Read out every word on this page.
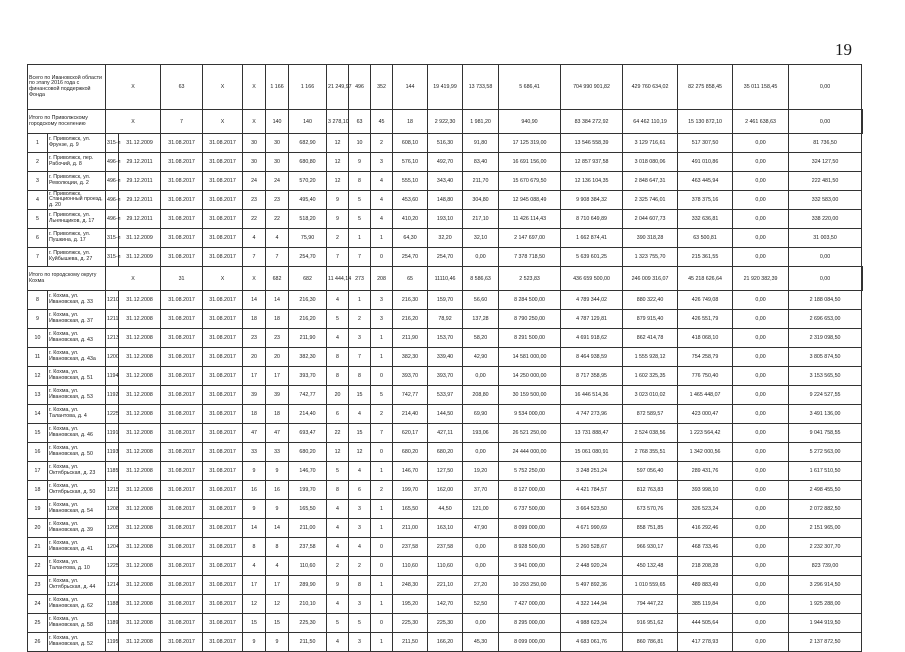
19
Всего по Ивановской области по этапу 2016 года с финансовой поддержкой Фонда		X		63	X	X	1 166	1 166	21 249,97	496	352	144	19 419,99	13 733,58	5 686,41	704 990 901,82	429 760 634,02	82 275 858,45	35 011 158,45	0,00	
Итого по Приволжскому городскому поселению		X		7	X	X	140	140	3 278,10	63	45	18	2 922,30	1 981,20	940,90	83 384 272,92	64 462 110,19	15 130 872,10	2 461 638,63	0,00	
1	г. Приволжск, ул. Фрунзе, д. 9	315-п	31.12.2009	31.08.2017	31.08.2017	30	30	682,90	12	10	2	608,10	516,30	91,80	17 125 319,00	13 546 558,39	3 129 716,61	517 307,50	0,00	81 736,50	
2	г. Приволжск, пер. Рабочий, д. 8	496-п	29.12.2011	31.08.2017	31.08.2017	30	30	680,80	12	9	3	576,10	492,70	83,40	16 691 156,00	12 857 937,58	3 018 080,06	491 010,86	0,00	324 127,50	
3	г. Приволжск, ул. Революции, д. 2	496-п	29.12.2011	31.08.2017	31.08.2017	24	24	570,20	12	8	4	555,10	343,40	211,70	15 670 679,50	12 136 104,35	2 848 647,31	463 445,94	0,00	222 481,50	
4	г. Приволжск, Станционный проезд, д. 20	496-п	29.12.2011	31.08.2017	31.08.2017	23	23	495,40	9	5	4	453,60	148,80	304,80	12 945 088,49	9 908 384,32	2 325 746,01	378 375,16	0,00	332 583,00	
5	г. Приволжск, ул. Льнянщиков, д. 17	496-п	29.12.2011	31.08.2017	31.08.2017	22	22	518,20	9	5	4	410,20	193,10	217,10	11 426 114,43	8 710 649,89	2 044 607,73	332 636,81	0,00	338 220,00	
6	г. Приволжск, ул. Пушкина, д. 17	315-п	31.12.2009	31.08.2017	31.08.2017	4	4	75,90	2	1	1	64,30	32,20	32,10	2 147 697,00	1 662 874,41	390 318,28	63 500,81	0,00	31 003,50	
7	г. Приволжск, ул. Куйбышева, д. 27	315-п	31.12.2009	31.08.2017	31.08.2017	7	7	254,70	7	7	0	254,70	254,70	0,00	7 378 718,50	5 639 601,25	1 323 755,70	215 361,55	0,00	0,00	
Итого по городскому округу Кохма		X		31	X	X	682	682	11 444,14	273	208	65	11110,46	8 586,63	2 523,83	436 659 500,00	246 009 316,07	45 218 626,64	21 920 382,39	0,00	
8	г. Кохма, ул. Ивановская, д. 33	1210	31.12.2008	31.08.2017	31.08.2017	14	14	216,30	4	1	3	216,30	159,70	56,60	8 284 500,00	4 789 344,02	880 322,40	426 749,08	0,00	2 188 084,50	
9	г. Кохма, ул. Ивановская, д. 37	1211	31.12.2008	31.08.2017	31.08.2017	18	18	216,20	5	2	3	216,20	78,92	137,28	8 790 250,00	4 787 129,81	879 915,40	426 551,79	0,00	2 696 653,00	
10	г. Кохма, ул. Ивановская, д. 43	1213	31.12.2008	31.08.2017	31.08.2017	23	23	211,90	4	3	1	211,90	153,70	58,20	8 291 500,00	4 691 918,62	862 414,78	418 068,10	0,00	2 319 098,50	
11	г. Кохма, ул. Ивановская, д. 43а	1200	31.12.2008	31.08.2017	31.08.2017	20	20	382,30	8	7	1	382,30	339,40	42,90	14 581 000,00	8 464 938,59	1 555 928,12	754 258,79	0,00	3 805 874,50	
12	г. Кохма, ул. Ивановская, д. 51	1194	31.12.2008	31.08.2017	31.08.2017	17	17	393,70	8	8	0	393,70	393,70	0,00	14 250 000,00	8 717 358,95	1 602 325,35	776 750,40	0,00	3 153 565,50	
13	г. Кохма, ул. Ивановская, д. 53	1192	31.12.2008	31.08.2017	31.08.2017	39	39	742,77	20	15	5	742,77	533,97	208,80	30 159 500,00	16 446 514,36	3 023 010,02	1 465 448,07	0,00	9 224 527,55	
14	г. Кохма, ул. Талантова, д. 4	1225	31.12.2008	31.08.2017	31.08.2017	18	18	214,40	6	4	2	214,40	144,50	69,90	9 534 000,00	4 747 273,96	872 589,57	423 000,47	0,00	3 491 136,00	
15	г. Кохма, ул. Ивановская, д. 46	1191	31.12.2008	31.08.2017	31.08.2017	47	47	693,47	22	15	7	620,17	427,11	193,06	26 521 250,00	13 731 888,47	2 524 038,56	1 223 564,42	0,00	9 041 758,55	
16	г. Кохма, ул. Ивановская, д. 50	1193	31.12.2008	31.08.2017	31.08.2017	33	33	680,20	12	12	0	680,20	680,20	0,00	24 444 000,00	15 061 080,91	2 768 355,51	1 342 000,56	0,00	5 272 563,00	
17	г. Кохма, ул. Октябрьская, д. 23	1185	31.12.2008	31.08.2017	31.08.2017	9	9	146,70	5	4	1	146,70	127,50	19,20	5 752 250,00	3 248 251,24	597 056,40	289 431,76	0,00	1 617 510,50	
18	г. Кохма, ул. Октябрьская, д. 50	1215	31.12.2008	31.08.2017	31.08.2017	16	16	199,70	8	6	2	199,70	162,00	37,70	8 127 000,00	4 421 784,57	812 763,83	393 998,10	0,00	2 498 455,50	
19	г. Кохма, ул. Ивановская, д. 54	1208	31.12.2008	31.08.2017	31.08.2017	9	9	165,50	4	3	1	165,50	44,50	121,00	6 737 500,00	3 664 523,50	673 570,76	326 523,24	0,00	2 072 882,50	
20	г. Кохма, ул. Ивановская, д. 39	1205	31.12.2008	31.08.2017	31.08.2017	14	14	211,00	4	3	1	211,00	163,10	47,90	8 099 000,00	4 671 990,69	858 751,85	416 292,46	0,00	2 151 965,00	
21	г. Кохма, ул. Ивановская, д. 41	1204	31.12.2008	31.08.2017	31.08.2017	8	8	237,58	4	4	0	237,58	237,58	0,00	8 928 500,00	5 260 528,67	966 930,17	468 733,46	0,00	2 232 307,70	
22	г. Кохма, ул. Талантова, д. 10	1225	31.12.2008	31.08.2017	31.08.2017	4	4	110,60	2	2	0	110,60	110,60	0,00	3 941 000,00	2 448 920,24	450 132,48	218 208,28	0,00	823 739,00	
23	г. Кохма, ул. Октябрьская, д. 44	1214	31.12.2008	31.08.2017	31.08.2017	17	17	289,90	9	8	1	248,30	221,10	27,20	10 293 250,00	5 497 892,36	1 010 559,65	489 883,49	0,00	3 296 914,50	
24	г. Кохма, ул. Ивановская, д. 62	1188	31.12.2008	31.08.2017	31.08.2017	12	12	210,10	4	3	1	195,20	142,70	52,50	7 427 000,00	4 322 144,94	794 447,22	385 119,84	0,00	1 925 288,00	
25	г. Кохма, ул. Ивановская, д. 58	1189	31.12.2008	31.08.2017	31.08.2017	15	15	225,30	5	5	0	225,30	225,30	0,00	8 295 000,00	4 988 623,24	916 951,62	444 505,64	0,00	1 944 919,50	
26	г. Кохма, ул. Ивановская, д. 52	1195	31.12.2008	31.08.2017	31.08.2017	9	9	211,50	4	3	1	211,50	166,20	45,30	8 099 000,00	4 683 061,76	860 786,81	417 278,93	0,00	2 137 872,50	
